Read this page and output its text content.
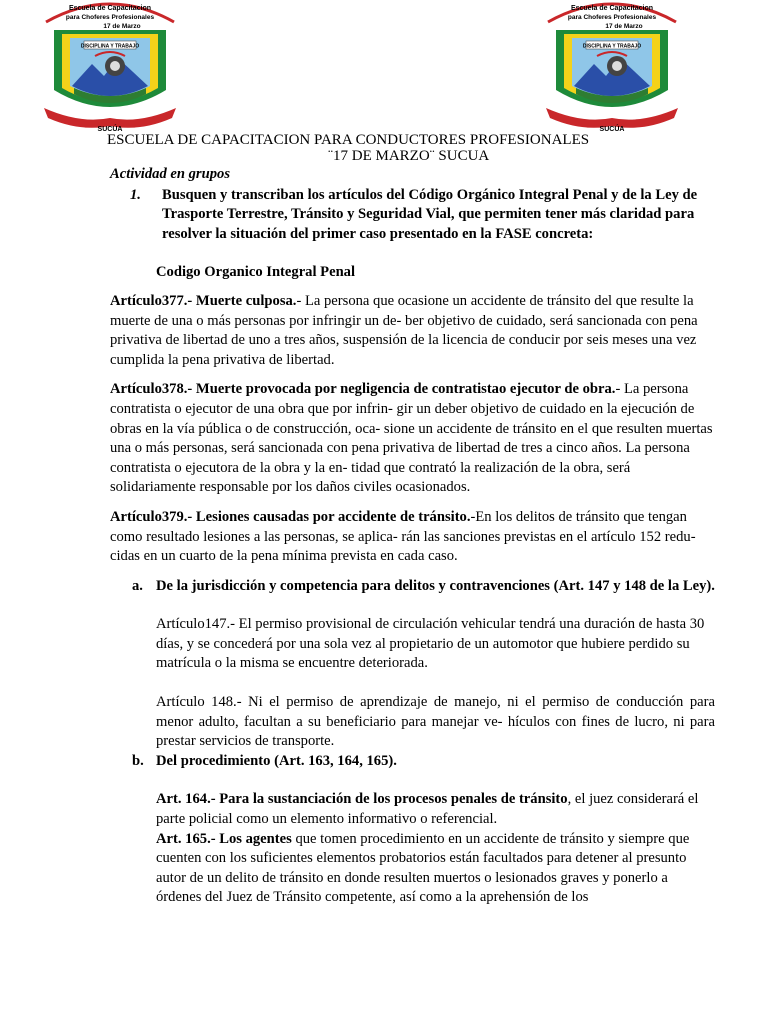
Escuela de Capacitacion
para Choferes Profesionales
17 de Marzo
DISCIPLINA Y TRABAJO
SUCÚA
Escuela de Capacitacion
para Choferes Profesionales
17 de Marzo
DISCIPLINA Y TRABAJO
SUCÚA
ESCUELA DE CAPACITACION PARA CONDUCTORES PROFESIONALES
¨17 DE MARZO¨ SUCUA

Actividad en grupos

1.	Busquen y transcriban los artículos del Código Orgánico Integral Penal y de la Ley de Trasporte Terrestre, Tránsito y Seguridad Vial, que permiten tener más claridad para resolver la situación del primer caso presentado en la FASE concreta:

Codigo Organico Integral Penal

Artículo377.- Muerte culposa.- La persona que ocasione un accidente de tránsito del que resulte la muerte de una o más personas por infringir un de- ber objetivo de cuidado, será sancionada con pena privativa de libertad de uno a tres años, suspensión de la licencia de conducir por seis meses una vez cumplida la pena privativa de libertad.

Artículo378.- Muerte provocada por negligencia de contratistao ejecutor de obra.- La persona contratista o ejecutor de una obra que por infrin- gir un deber objetivo de cuidado en la ejecución de obras en la vía pública o de construcción, oca- sione un accidente de tránsito en el que resulten muertas una o más personas, será sancionada con pena privativa de libertad de tres a cinco años. La persona contratista o ejecutora de la obra y la en- tidad que contrató la realización de la obra, será solidariamente responsable por los daños civiles ocasionados.

Artículo379.- Lesiones causadas por accidente de tránsito.-En los delitos de tránsito que tengan como resultado lesiones a las personas, se aplica- rán las sanciones previstas en el artículo 152 redu- cidas en un cuarto de la pena mínima prevista en cada caso.

a. De la jurisdicción y competencia para delitos y contravenciones (Art. 147 y 148 de la Ley).

Artículo147.- El permiso provisional de circulación vehicular tendrá una duración de hasta 30 días, y se concederá por una sola vez al propietario de un automotor que hubiere perdido su matrícula o la misma se encuentre deteriorada.

Artículo 148.- Ni el permiso de aprendizaje de manejo, ni el permiso de conducción para menor adulto, facultan a su beneficiario para manejar ve- hículos con fines de lucro, ni para prestar servicios de transporte.

b. Del procedimiento (Art. 163, 164, 165).

Art. 164.- Para la sustanciación de los procesos penales de tránsito, el juez considerará el parte policial como un elemento informativo o referencial.

Art. 165.- Los agentes que tomen procedimiento en un accidente de tránsito y siempre que cuenten con los suficientes elementos probatorios están facultados para detener al presunto autor de un delito de tránsito en donde resulten muertos o lesionados graves y ponerlo a órdenes del Juez de Tránsito competente, así como a la aprehensión de los
